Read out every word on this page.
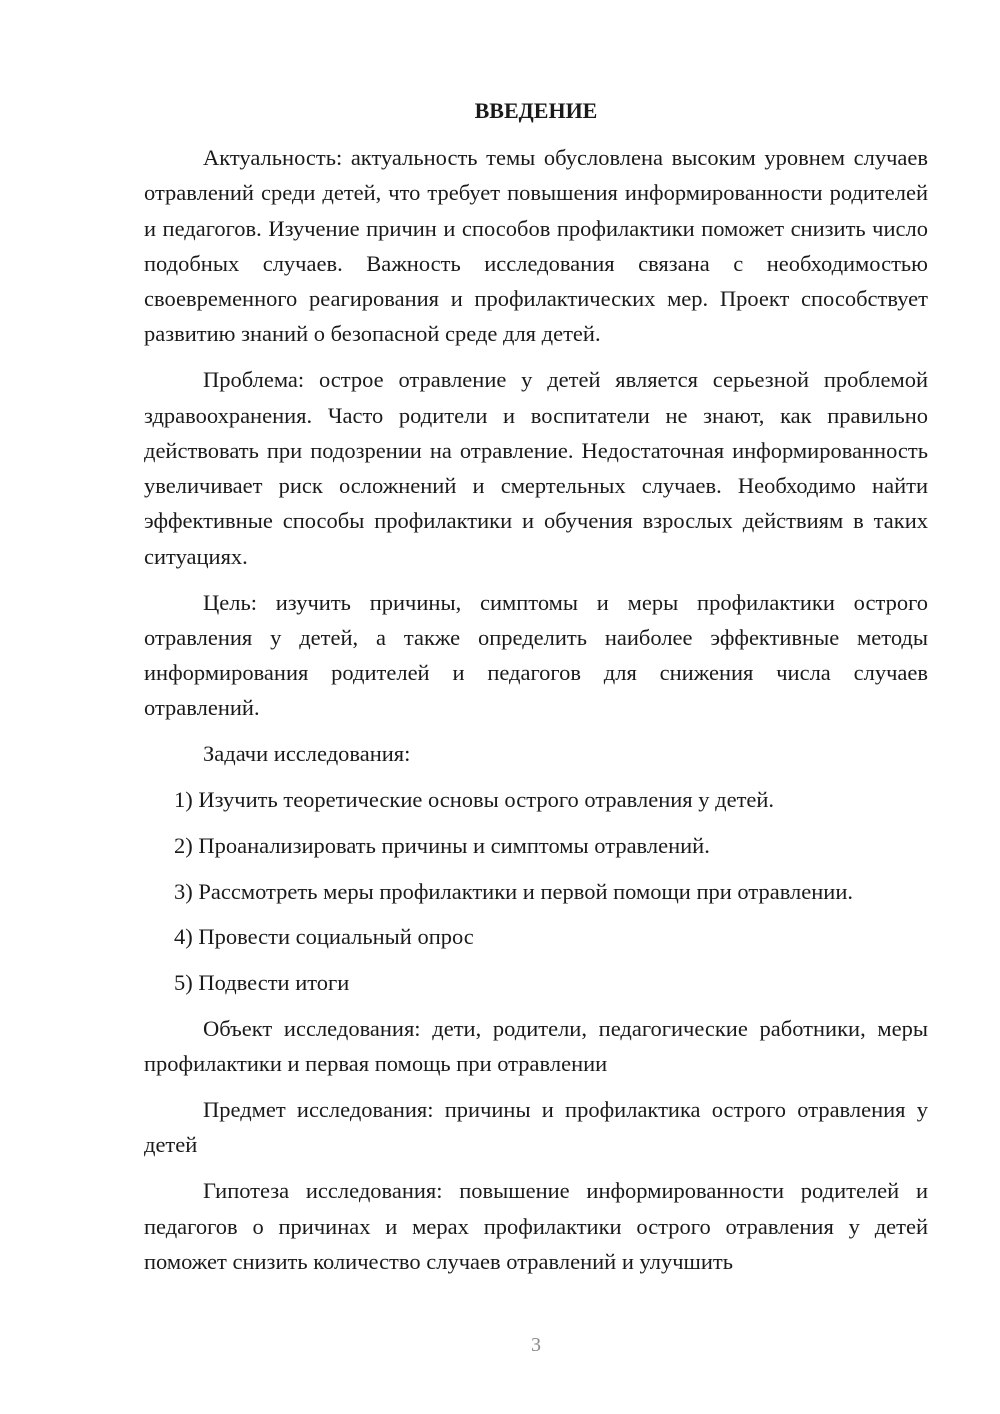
ВВЕДЕНИЕ

Актуальность: актуальность темы обусловлена высоким уровнем случаев отравлений среди детей, что требует повышения информированности родителей и педагогов. Изучение причин и способов профилактики поможет снизить число подобных случаев. Важность исследования связана с необходимостью своевременного реагирования и профилактических мер. Проект способствует развитию знаний о безопасной среде для детей.

Проблема: острое отравление у детей является серьезной проблемой здравоохранения. Часто родители и воспитатели не знают, как правильно действовать при подозрении на отравление. Недостаточная информированность увеличивает риск осложнений и смертельных случаев. Необходимо найти эффективные способы профилактики и обучения взрослых действиям в таких ситуациях.

Цель: изучить причины, симптомы и меры профилактики острого отравления у детей, а также определить наиболее эффективные методы информирования родителей и педагогов для снижения числа случаев отравлений.

Задачи исследования:

1) Изучить теоретические основы острого отравления у детей.

2) Проанализировать причины и симптомы отравлений.

3) Рассмотреть меры профилактики и первой помощи при отравлении.

4) Провести социальный опрос

5) Подвести итоги

Объект исследования: дети, родители, педагогические работники, меры профилактики и первая помощь при отравлении

Предмет исследования: причины и профилактика острого отравления у детей

Гипотеза исследования: повышение информированности родителей и педагогов о причинах и мерах профилактики острого отравления у детей поможет снизить количество случаев отравлений и улучшить

3
